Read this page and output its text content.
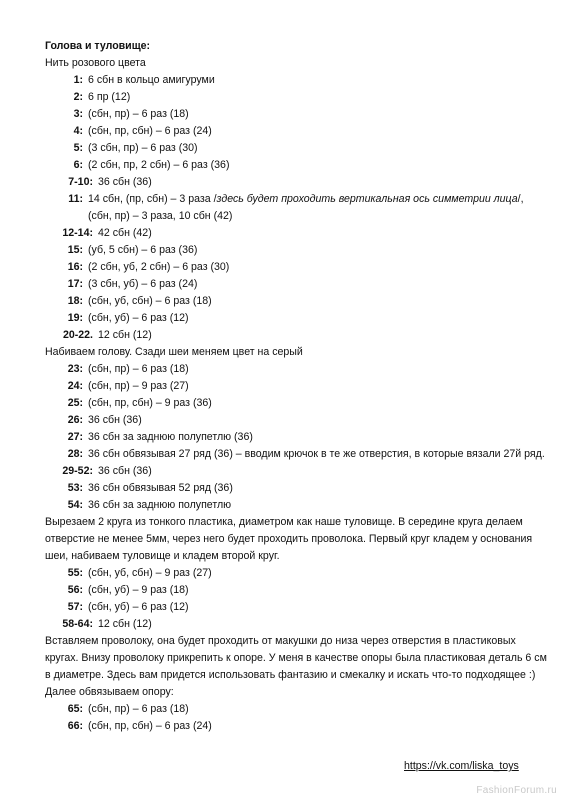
Голова и туловище:
Нить розового цвета
1: 6 сбн в кольцо амигуруми
2: 6 пр (12)
3: (сбн, пр) – 6 раз (18)
4: (сбн, пр, сбн) – 6 раз (24)
5: (3 сбн, пр) – 6 раз (30)
6: (2 сбн, пр, 2 сбн) – 6 раз (36)
7-10: 36 сбн (36)
11: 14 сбн, (пр, сбн) – 3 раза /здесь будет проходить вертикальная ось симметрии лица/, (сбн, пр) – 3 раза, 10 сбн (42)
12-14: 42 сбн (42)
15: (уб, 5 сбн) – 6 раз (36)
16: (2 сбн, уб, 2 сбн) – 6 раз (30)
17: (3 сбн, уб) – 6 раз (24)
18: (сбн, уб, сбн) – 6 раз (18)
19: (сбн, уб) – 6 раз (12)
20-22. 12 сбн (12)
Набиваем голову. Сзади шеи меняем цвет на серый
23: (сбн, пр) – 6 раз (18)
24: (сбн, пр) – 9 раз (27)
25: (сбн, пр, сбн) – 9 раз (36)
26: 36 сбн (36)
27: 36 сбн за заднюю полупетлю (36)
28: 36 сбн обвязывая 27 ряд (36) – вводим крючок в те же отверстия, в которые вязали 27й ряд.
29-52: 36 сбн (36)
53: 36 сбн обвязывая 52 ряд (36)
54: 36 сбн за заднюю полупетлю
Вырезаем 2 круга из тонкого пластика, диаметром как наше туловище. В середине круга делаем отверстие не менее 5мм, через него будет проходить проволока. Первый круг кладем у основания шеи, набиваем туловище и кладем второй круг.
55: (сбн, уб, сбн) – 9 раз (27)
56: (сбн, уб) – 9 раз (18)
57: (сбн, уб) – 6 раз (12)
58-64: 12 сбн (12)
Вставляем проволоку, она будет проходить от макушки до низа через отверстия в пластиковых кругах. Внизу проволоку прикрепить к опоре. У меня в качестве опоры была пластиковая деталь 6 см в диаметре. Здесь вам придется использовать фантазию и смекалку и искать что-то подходящее :)
Далее обвязываем опору:
65: (сбн, пр) – 6 раз (18)
66: (сбн, пр, сбн) – 6 раз (24)
https://vk.com/liska_toys
FashionForum.ru
